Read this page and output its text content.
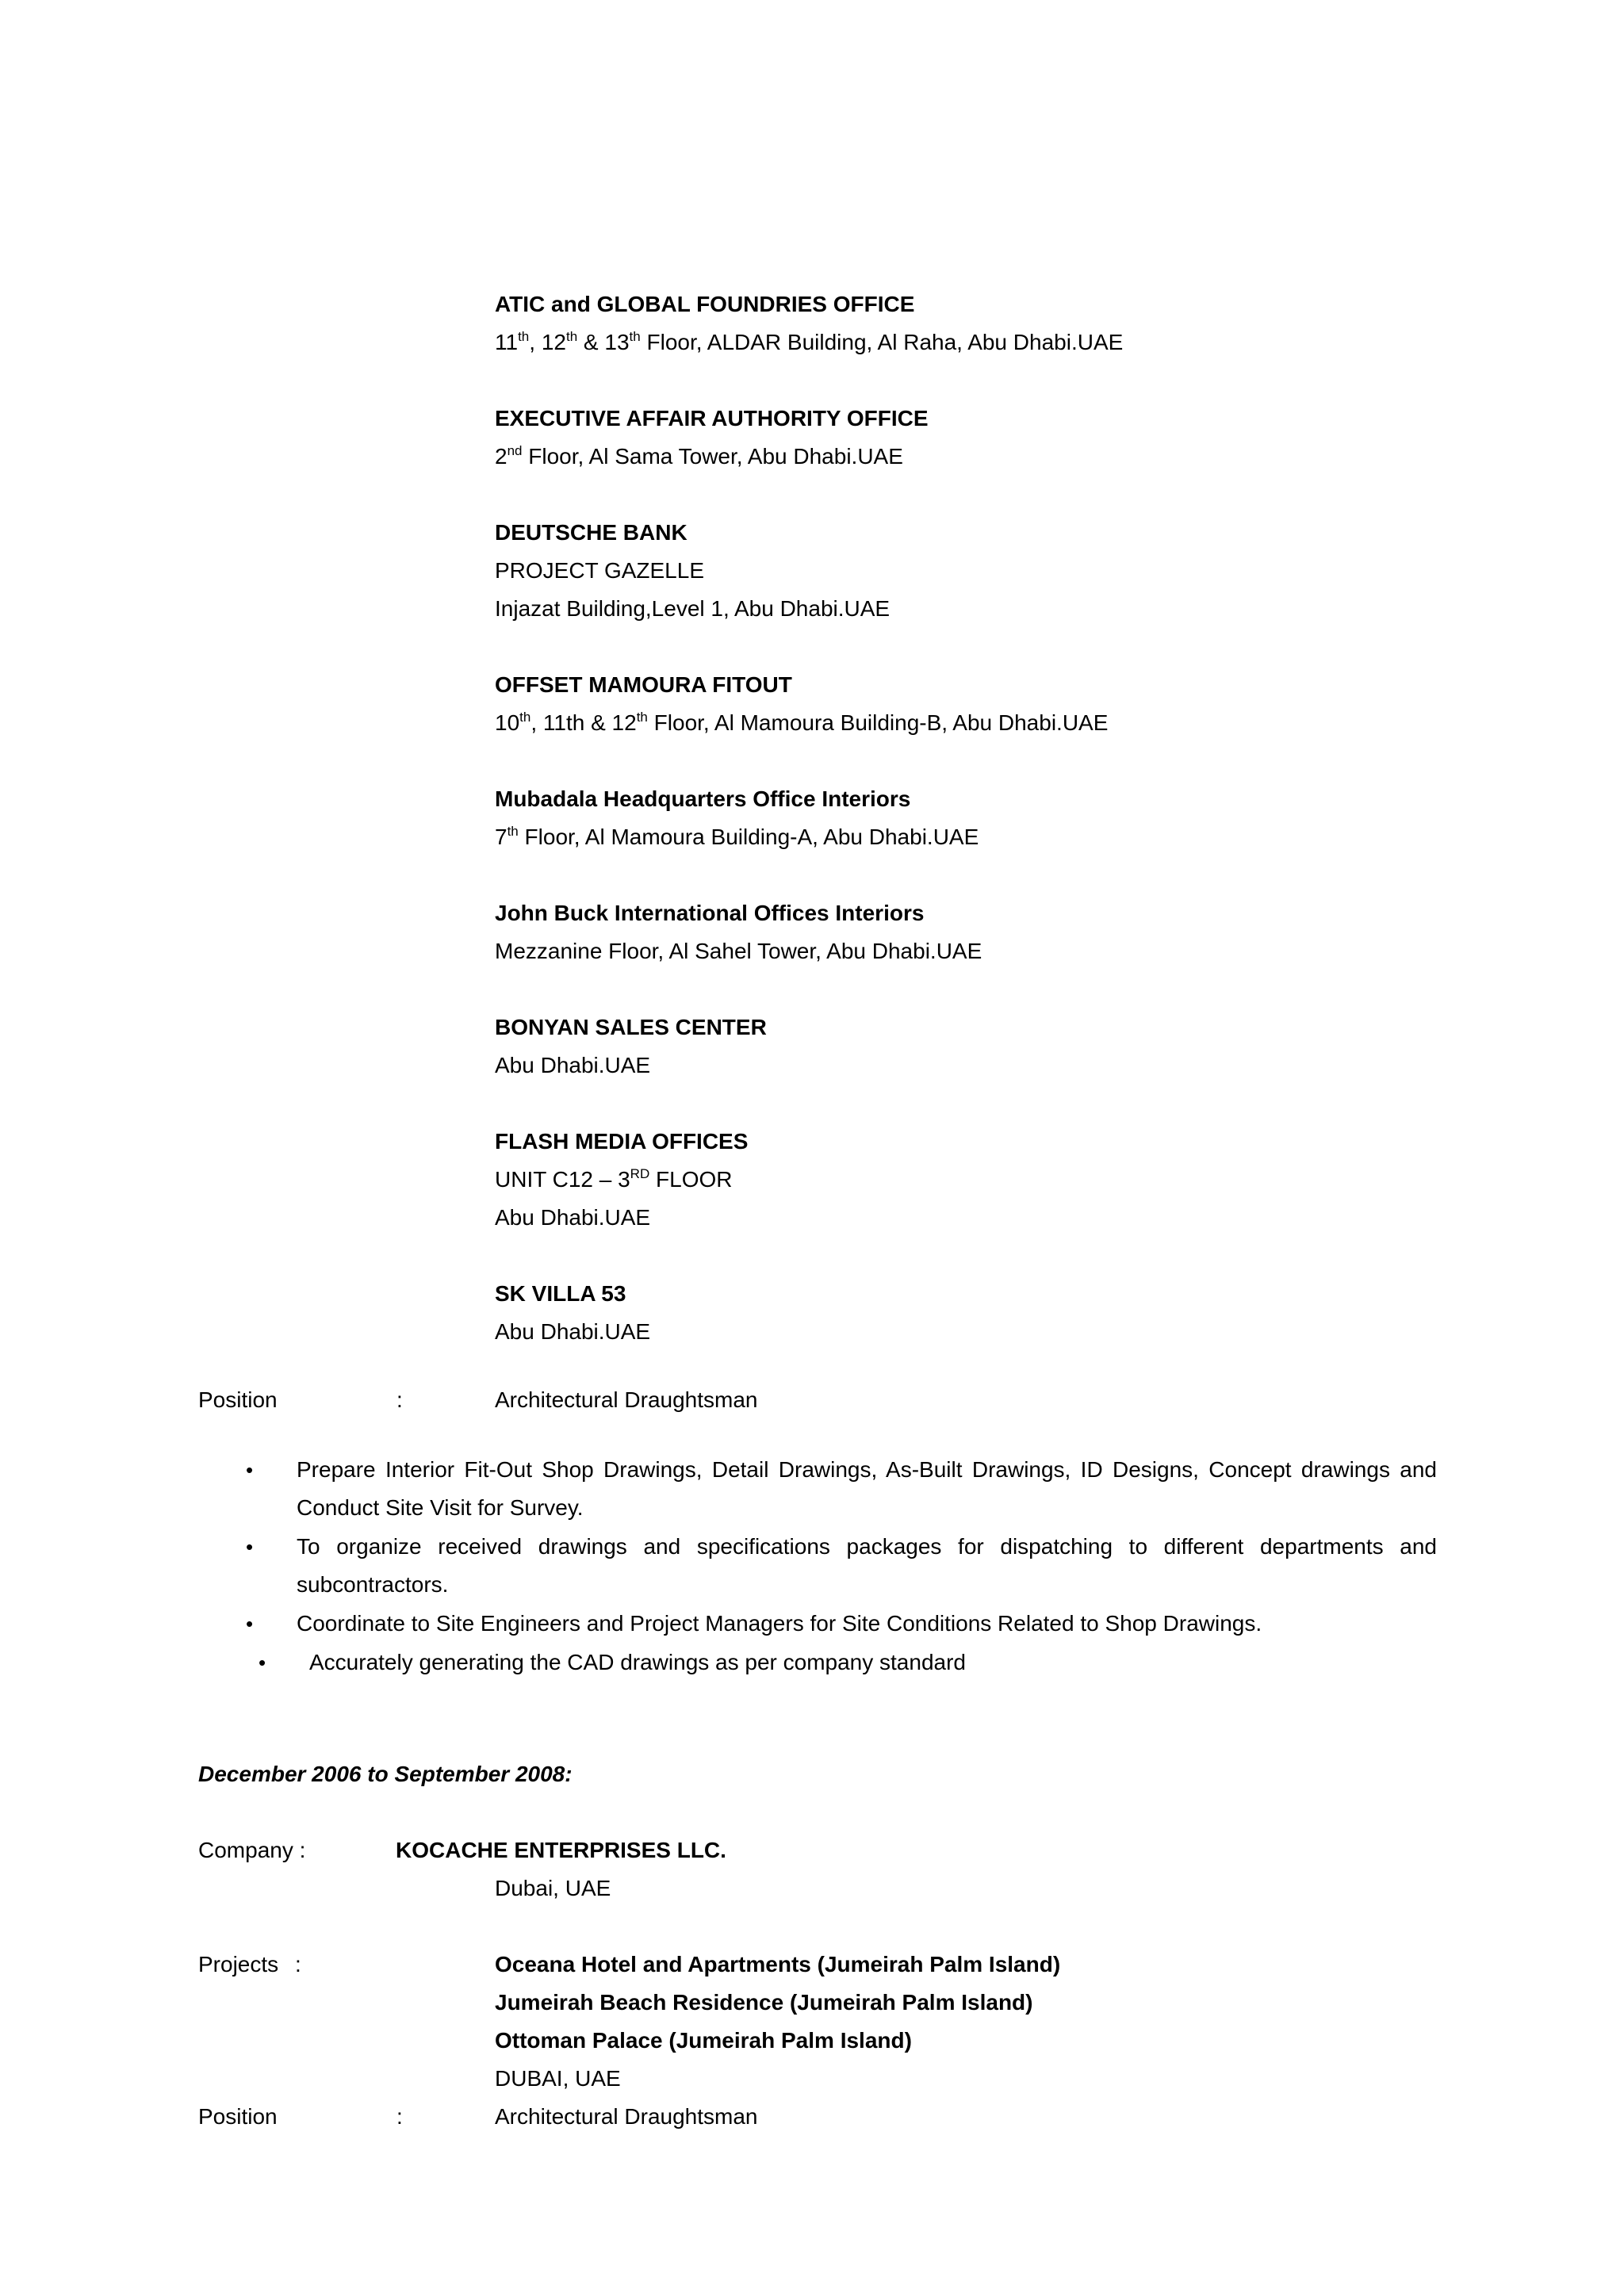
ATIC and GLOBAL FOUNDRIES OFFICE
11th, 12th & 13th Floor, ALDAR Building, Al Raha, Abu Dhabi.UAE
EXECUTIVE AFFAIR AUTHORITY OFFICE
2nd Floor, Al Sama Tower, Abu Dhabi.UAE
DEUTSCHE BANK
PROJECT GAZELLE
Injazat Building,Level 1, Abu Dhabi.UAE
OFFSET MAMOURA FITOUT
10th, 11th & 12th Floor, Al Mamoura Building-B, Abu Dhabi.UAE
Mubadala Headquarters Office Interiors
7th Floor, Al Mamoura Building-A, Abu Dhabi.UAE
John Buck International Offices Interiors
Mezzanine Floor, Al Sahel Tower, Abu Dhabi.UAE
BONYAN SALES CENTER
Abu Dhabi.UAE
FLASH MEDIA OFFICES
UNIT C12 – 3RD FLOOR
Abu Dhabi.UAE
SK VILLA 53
Abu Dhabi.UAE
Position	:	Architectural Draughtsman
• Prepare Interior Fit-Out Shop Drawings, Detail Drawings, As-Built Drawings, ID Designs, Concept drawings and Conduct Site Visit for Survey.
• To organize received drawings and specifications packages for dispatching to different departments and subcontractors.
• Coordinate to Site Engineers and Project Managers for Site Conditions Related to Shop Drawings.
• Accurately generating the CAD drawings as per company standard
December 2006 to September 2008:
Company :	KOCACHE ENTERPRISES LLC.
Dubai, UAE
Projects :	Oceana Hotel and Apartments (Jumeirah Palm Island)
Jumeirah Beach Residence (Jumeirah Palm Island)
Ottoman Palace (Jumeirah Palm Island)
DUBAI, UAE
Position	:	Architectural Draughtsman
